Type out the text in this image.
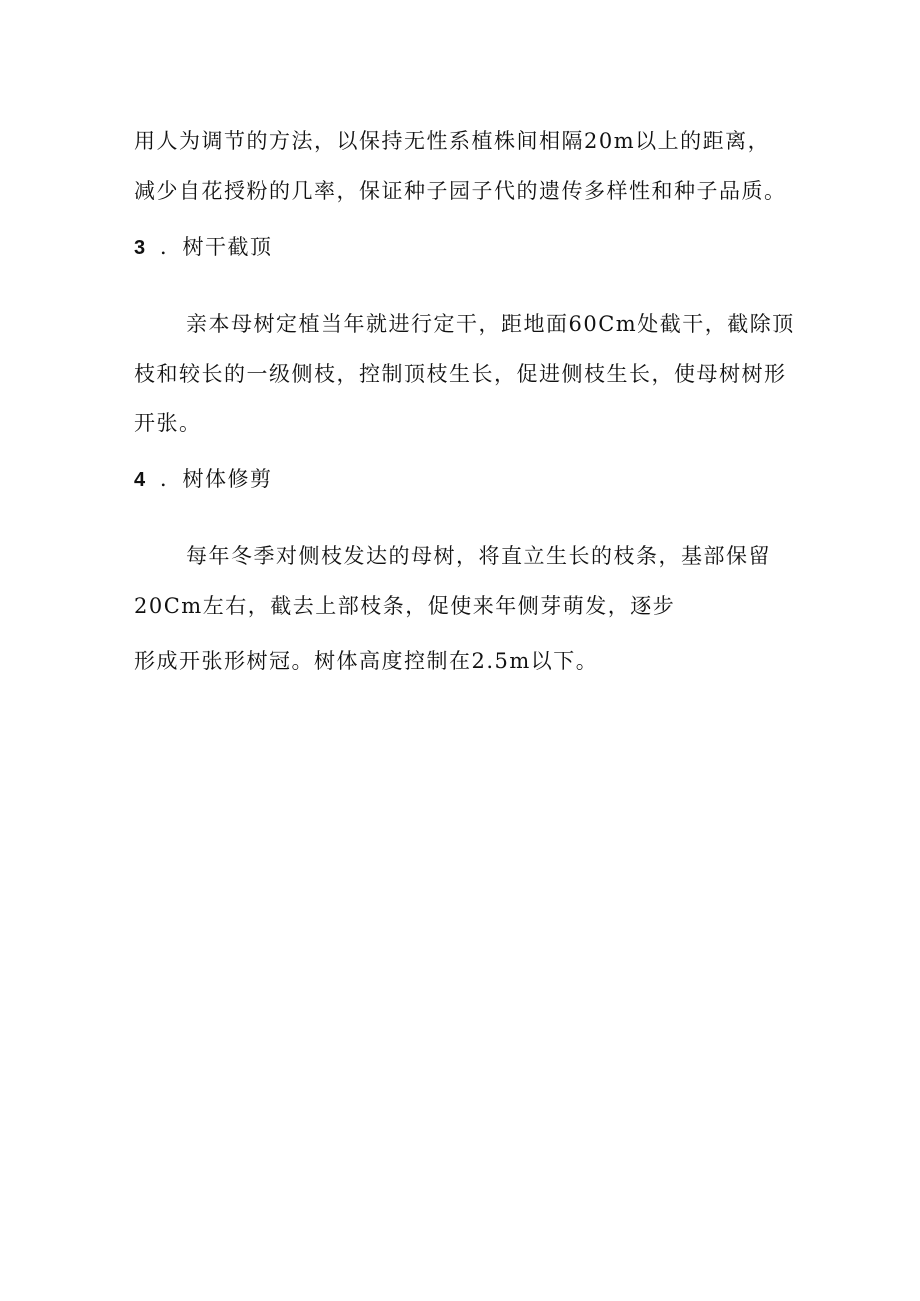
用人为调节的方法，以保持无性系植株间相隔20m以上的距离，
减少自花授粉的几率，保证种子园子代的遗传多样性和种子品质。
3 ．树干截顶
亲本母树定植当年就进行定干，距地面60Cm处截干，截除顶
枝和较长的一级侧枝，控制顶枝生长，促进侧枝生长，使母树树形
开张。
4 ．树体修剪
每年冬季对侧枝发达的母树，将直立生长的枝条，基部保留
20Cm左右，截去上部枝条，促使来年侧芽萌发，逐步
形成开张形树冠。树体高度控制在2.5m以下。
